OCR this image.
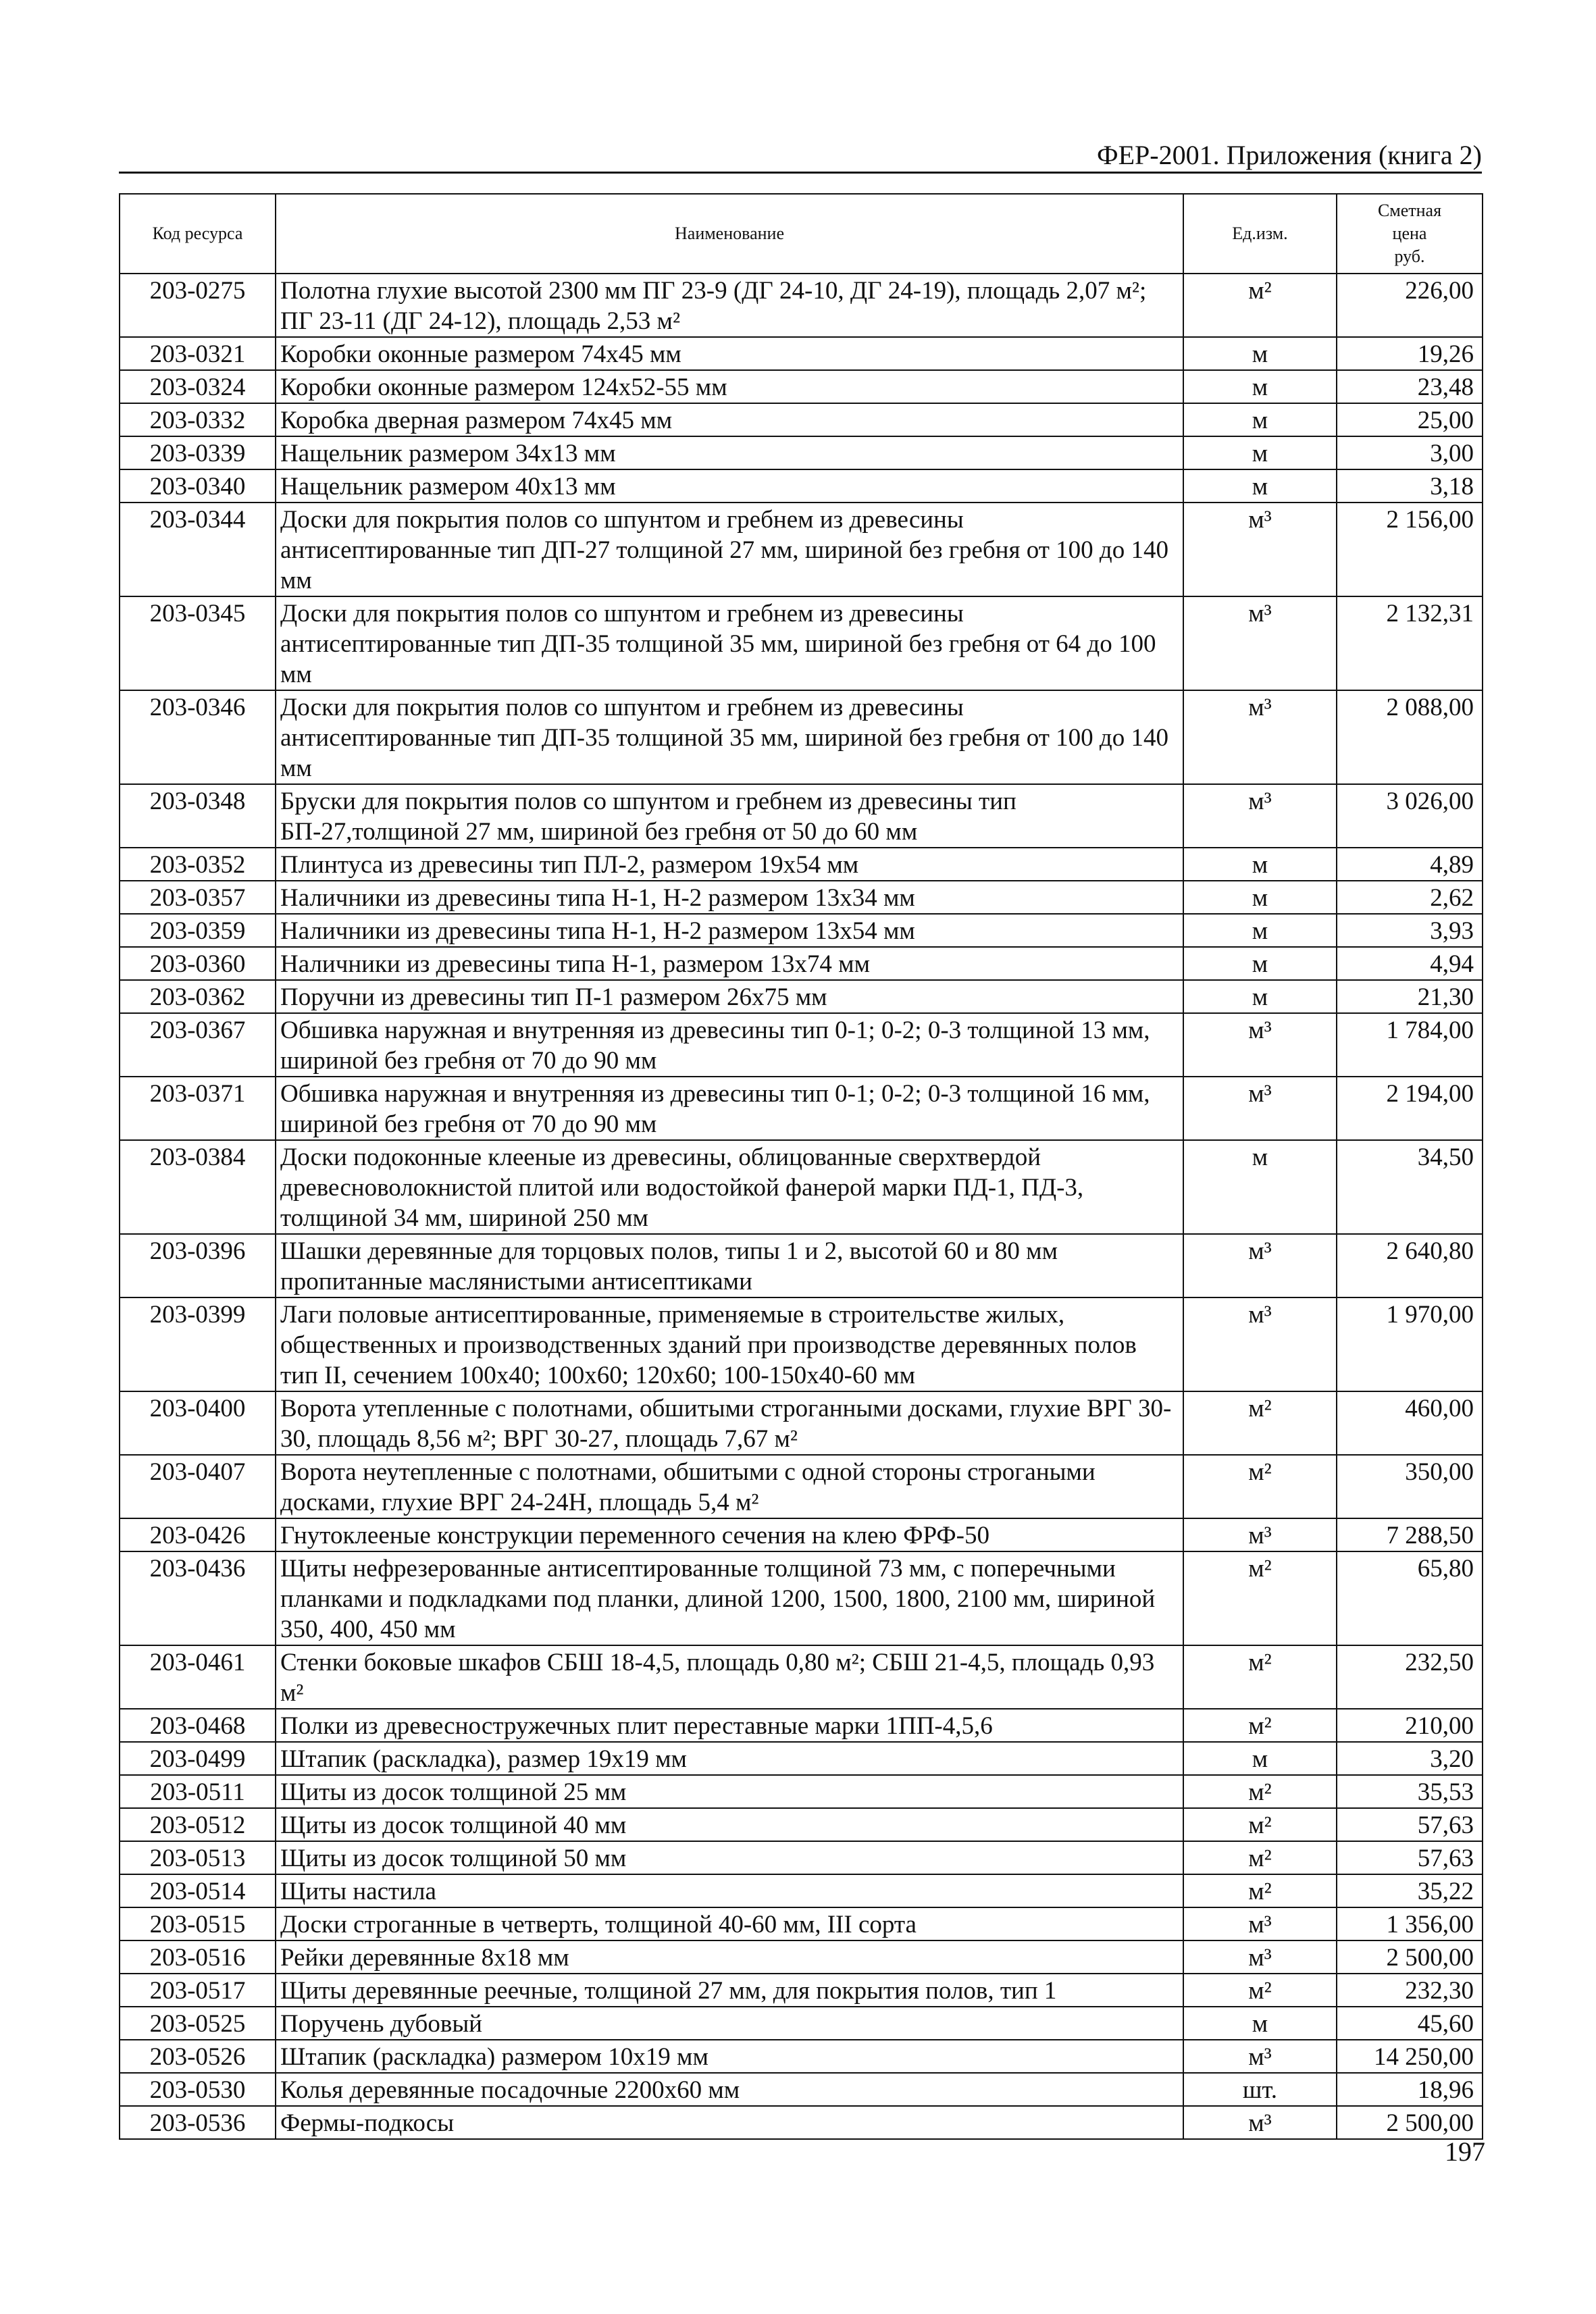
ФЕР-2001. Приложения (книга 2)
Код ресурса	Наименование	Ед.изм.	Сметная
цена
руб.
203-0275	Полотна глухие высотой 2300 мм ПГ 23-9 (ДГ 24-10, ДГ 24-19), площадь 2,07 м²; ПГ 23-11 (ДГ 24-12), площадь 2,53 м²	м²	226,00
203-0321	Коробки оконные размером 74х45 мм	м	19,26
203-0324	Коробки оконные размером 124х52-55 мм	м	23,48
203-0332	Коробка дверная размером 74х45 мм	м	25,00
203-0339	Нащельник размером 34х13 мм	м	3,00
203-0340	Нащельник размером 40х13 мм	м	3,18
203-0344	Доски для покрытия полов со шпунтом и гребнем из древесины антисептированные тип ДП-27 толщиной 27 мм, шириной без гребня от 100 до 140 мм	м³	2 156,00
203-0345	Доски для покрытия полов со шпунтом и гребнем из древесины антисептированные тип ДП-35 толщиной 35 мм, шириной без гребня от 64 до 100 мм	м³	2 132,31
203-0346	Доски для покрытия полов со шпунтом и гребнем из древесины антисептированные тип ДП-35 толщиной 35 мм, шириной без гребня от 100 до 140 мм	м³	2 088,00
203-0348	Бруски для покрытия полов со шпунтом и гребнем из древесины тип БП-27,толщиной 27 мм, шириной без гребня от 50 до 60 мм	м³	3 026,00
203-0352	Плинтуса из древесины тип ПЛ-2, размером 19х54 мм	м	4,89
203-0357	Наличники из древесины типа Н-1, Н-2 размером 13х34 мм	м	2,62
203-0359	Наличники из древесины типа Н-1, Н-2 размером 13х54 мм	м	3,93
203-0360	Наличники из древесины типа Н-1, размером 13х74 мм	м	4,94
203-0362	Поручни из древесины тип П-1 размером 26х75 мм	м	21,30
203-0367	Обшивка наружная и внутренняя из древесины тип 0-1; 0-2; 0-3 толщиной 13 мм, шириной без гребня от 70 до 90 мм	м³	1 784,00
203-0371	Обшивка наружная и внутренняя из древесины тип 0-1; 0-2; 0-3 толщиной 16 мм, шириной без гребня от 70 до 90 мм	м³	2 194,00
203-0384	Доски подоконные клееные из древесины, облицованные сверхтвердой древесноволокнистой плитой или водостойкой фанерой марки ПД-1, ПД-3, толщиной 34 мм, шириной 250 мм	м	34,50
203-0396	Шашки деревянные для торцовых полов, типы 1 и 2, высотой 60 и 80 мм пропитанные маслянистыми антисептиками	м³	2 640,80
203-0399	Лаги половые антисептированные, применяемые в строительстве жилых, общественных и производственных зданий при производстве деревянных полов тип II, сечением 100х40; 100х60; 120х60; 100-150х40-60 мм	м³	1 970,00
203-0400	Ворота утепленные с полотнами, обшитыми строганными досками, глухие ВРГ 30-30, площадь 8,56 м²; ВРГ 30-27, площадь 7,67 м²	м²	460,00
203-0407	Ворота неутепленные с полотнами, обшитыми с одной стороны строгаными досками, глухие ВРГ 24-24Н, площадь 5,4 м²	м²	350,00
203-0426	Гнутоклееные конструкции переменного сечения на клею ФРФ-50	м³	7 288,50
203-0436	Щиты нефрезерованные антисептированные толщиной 73 мм, с поперечными планками и подкладками под планки, длиной 1200, 1500, 1800, 2100 мм, шириной 350, 400, 450 мм	м²	65,80
203-0461	Стенки боковые шкафов СБШ 18-4,5, площадь 0,80 м²; СБШ 21-4,5, площадь 0,93 м²	м²	232,50
203-0468	Полки из древесностружечных плит переставные марки 1ПП-4,5,6	м²	210,00
203-0499	Штапик (раскладка), размер 19х19 мм	м	3,20
203-0511	Щиты из досок толщиной 25 мм	м²	35,53
203-0512	Щиты из досок толщиной 40 мм	м²	57,63
203-0513	Щиты из досок толщиной 50 мм	м²	57,63
203-0514	Щиты настила	м²	35,22
203-0515	Доски строганные в четверть, толщиной 40-60 мм, III сорта	м³	1 356,00
203-0516	Рейки деревянные 8х18 мм	м³	2 500,00
203-0517	Щиты деревянные реечные, толщиной 27 мм, для покрытия полов, тип 1	м²	232,30
203-0525	Поручень дубовый	м	45,60
203-0526	Штапик (раскладка) размером 10х19 мм	м³	14 250,00
203-0530	Колья деревянные посадочные 2200х60 мм	шт.	18,96
203-0536	Фермы-подкосы	м³	2 500,00
197
